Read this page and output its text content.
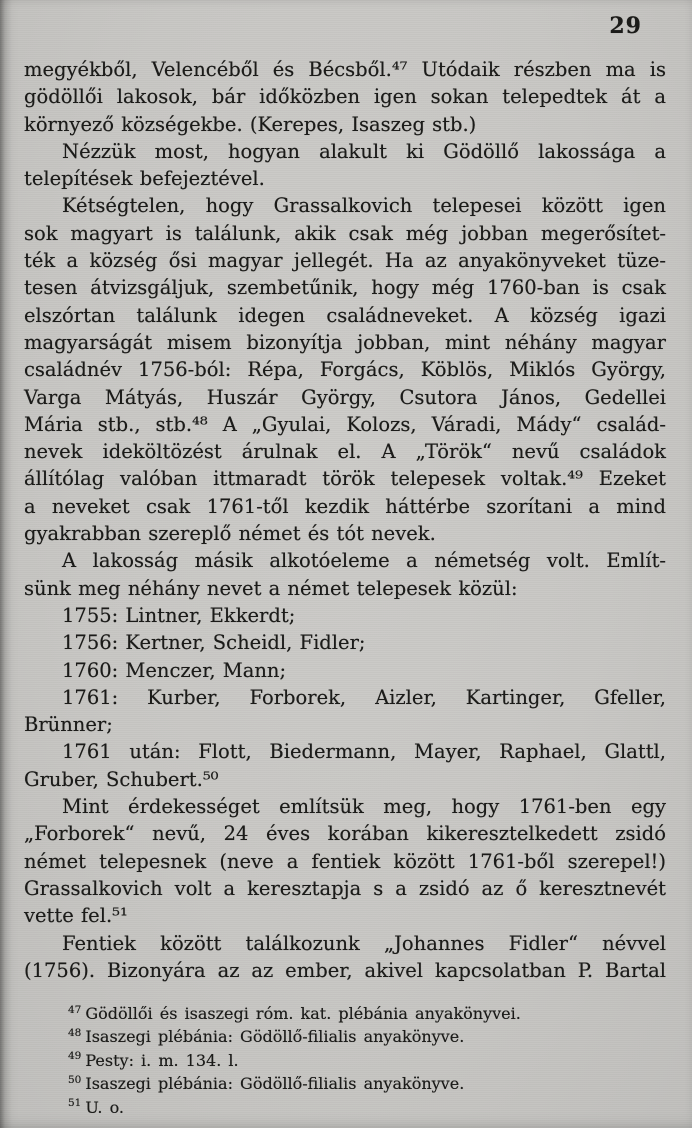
29
megyékből, Velencéből és Bécsből.⁴⁷ Utódaik részben ma is
gödöllői lakosok, bár időközben igen sokan telepedtek át a
környező községekbe. (Kerepes, Isaszeg stb.)
Nézzük most, hogyan alakult ki Gödöllő lakossága a
telepítések befejeztével.
Kétségtelen, hogy Grassalkovich telepesei között igen
sok magyart is találunk, akik csak még jobban megerősítet-
ték a község ősi magyar jellegét. Ha az anyakönyveket tüze-
tesen átvizsgáljuk, szembetűnik, hogy még 1760-ban is csak
elszórtan találunk idegen családneveket. A község igazi
magyarságát misem bizonyítja jobban, mint néhány magyar
családnév 1756-ból: Répa, Forgács, Köblös, Miklós György,
Varga Mátyás, Huszár György, Csutora János, Gedellei
Mária stb., stb.⁴⁸ A „Gyulai, Kolozs, Váradi, Mády“ család-
nevek ideköltözést árulnak el. A „Török“ nevű családok
állítólag valóban ittmaradt török telepesek voltak.⁴⁹ Ezeket
a neveket csak 1761-től kezdik háttérbe szorítani a mind
gyakrabban szereplő német és tót nevek.
A lakosság másik alkotóeleme a németség volt. Említ-
sünk meg néhány nevet a német telepesek közül:
1755: Lintner, Ekkerdt;
1756: Kertner, Scheidl, Fidler;
1760: Menczer, Mann;
1761: Kurber, Forborek, Aizler, Kartinger, Gfeller,
Brünner;
1761 után: Flott, Biedermann, Mayer, Raphael, Glattl,
Gruber, Schubert.⁵⁰
Mint érdekességet említsük meg, hogy 1761-ben egy
„Forborek“ nevű, 24 éves korában kikeresztelkedett zsidó
német telepesnek (neve a fentiek között 1761-ből szerepel!)
Grassalkovich volt a keresztapja s a zsidó az ő keresztnevét
vette fel.⁵¹
Fentiek között találkozunk „Johannes Fidler“ névvel
(1756). Bizonyára az az ember, akivel kapcsolatban P. Bartal
$^{47}$ Gödöllői és isaszegi róm. kat. plébánia anyakönyvei.
$^{48}$ Isaszegi plébánia: Gödöllő-filialis anyakönyve.
$^{49}$ Pesty: i. m. 134. l.
$^{50}$ Isaszegi plébánia: Gödöllő-filialis anyakönyve.
$^{51}$ U. o.
